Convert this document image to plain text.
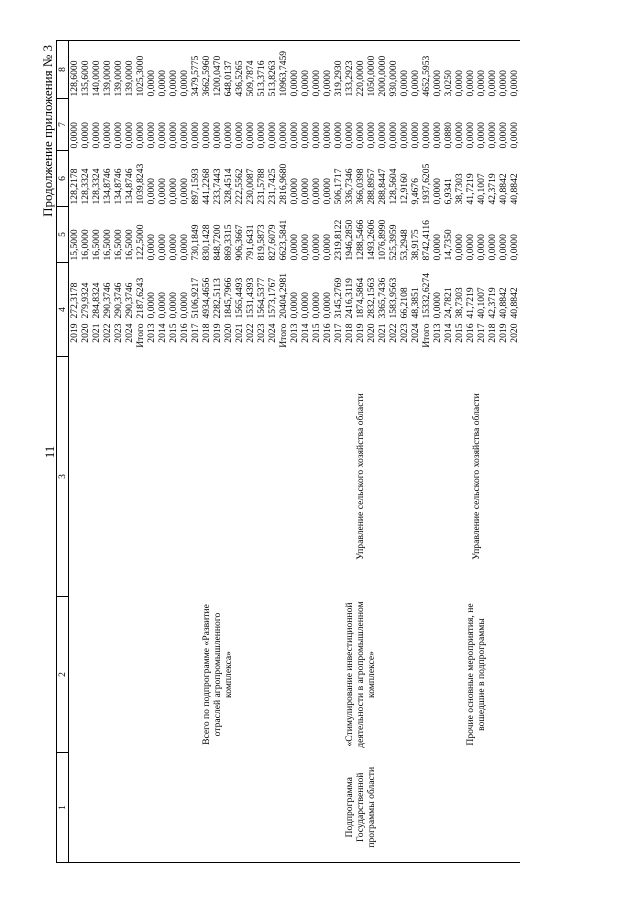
11
Продолжение приложения № 3
1	2	3	4		5	6	7	8
			2019	272,3178	15,5000	128,2178	0,0000	128,6000
			2020	279,9324	16,0000	128,3324	0,0000	135,6000
			2021	284,8324	16,5000	128,3324	0,0000	140,0000
			2022	290,3746	16,5000	134,8746	0,0000	139,0000
			2023	290,3746	16,5000	134,8746	0,0000	139,0000
			2024	290,3746	16,5000	134,8746	0,0000	139,0000
			Итого	2187,6243	122,5000	1039,8243	0,0000	1025,3000
	Всего по подпрограмме «Развитие отраслей агропромышленного комплекса»		2013	0,0000	0,0000	0,0000	0,0000	0,0000
			2014	0,0000	0,0000	0,0000	0,0000	0,0000
			2015	0,0000	0,0000	0,0000	0,0000	0,0000
			2016	0,0000	0,0000	0,0000	0,0000	0,0000
			2017	5106,9217	730,1849	897,1593	0,0000	3479,5775
			2018	4934,4656	830,1428	441,2268	0,0000	3662,5960
			2019	2282,5113	848,7200	233,7443	0,0000	1200,0470
			2020	1845,7966	869,3315	328,4514	0,0000	648,0137
			2021	1565,4493	906,3667	222,5562	0,0000	436,5265
			2022	1531,4393	791,6431	230,0087	0,0000	509,7874
			2023	1564,5377	819,5873	231,5788	0,0000	513,3716
			2024	1573,1767	827,6079	231,7425	0,0000	513,8263
			Итого	20404,2981	6623,5841	2816,9680	0,0000	10963,7459
Подпрограмма Государственной программы области	«Стимулирование инвестиционной деятельности в агропромышленном комплексе»	Управление сельского хозяйства области	2013	0,0000	0,0000	0,0000	0,0000	0,0000
			2014	0,0000	0,0000	0,0000	0,0000	0,0000
			2015	0,0000	0,0000	0,0000	0,0000	0,0000
			2016	0,0000	0,0000	0,0000	0,0000	0,0000
			2017	3145,2769	2319,8122	506,1717	0,0000	319,2930
			2018	2416,3119	1946,2850	336,7346	0,0000	133,2923
			2019	1874,5864	1288,5466	366,0398	0,0000	220,0000
			2020	2832,1563	1493,2606	288,8957	0,0000	1050,0000
			2021	3365,7436	1076,8990	288,8447	0,0000	2000,0000
			2022	1583,9563	525,3959	128,5604	0,0000	930,0000
			2023	66,2108	53,2948	12,9160	0,0000	0,0000
			2024	48,3851	38,9175	9,4676	0,0000	0,0000
			Итого	15332,6274	8742,4116	1937,6205	0,0000	4652,5953
	Прочие основные мероприятия, не вошедшие в подпрограммы	Управление сельского хозяйства области	2013	0,0000	0,0000	0,0000	0,0000	0,0000
			2014	24,7821	14,7350	6,9341	0,0880	3,0250
			2015	38,7303	0,0000	38,7303	0,0000	0,0000
			2016	41,7219	0,0000	41,7219	0,0000	0,0000
			2017	40,1007	0,0000	40,1007	0,0000	0,0000
			2018	42,3719	0,0000	42,3719	0,0000	0,0000
			2019	40,8842	0,0000	40,8842	0,0000	0,0000
			2020	40,8842	0,0000	40,8842	0,0000	0,0000
